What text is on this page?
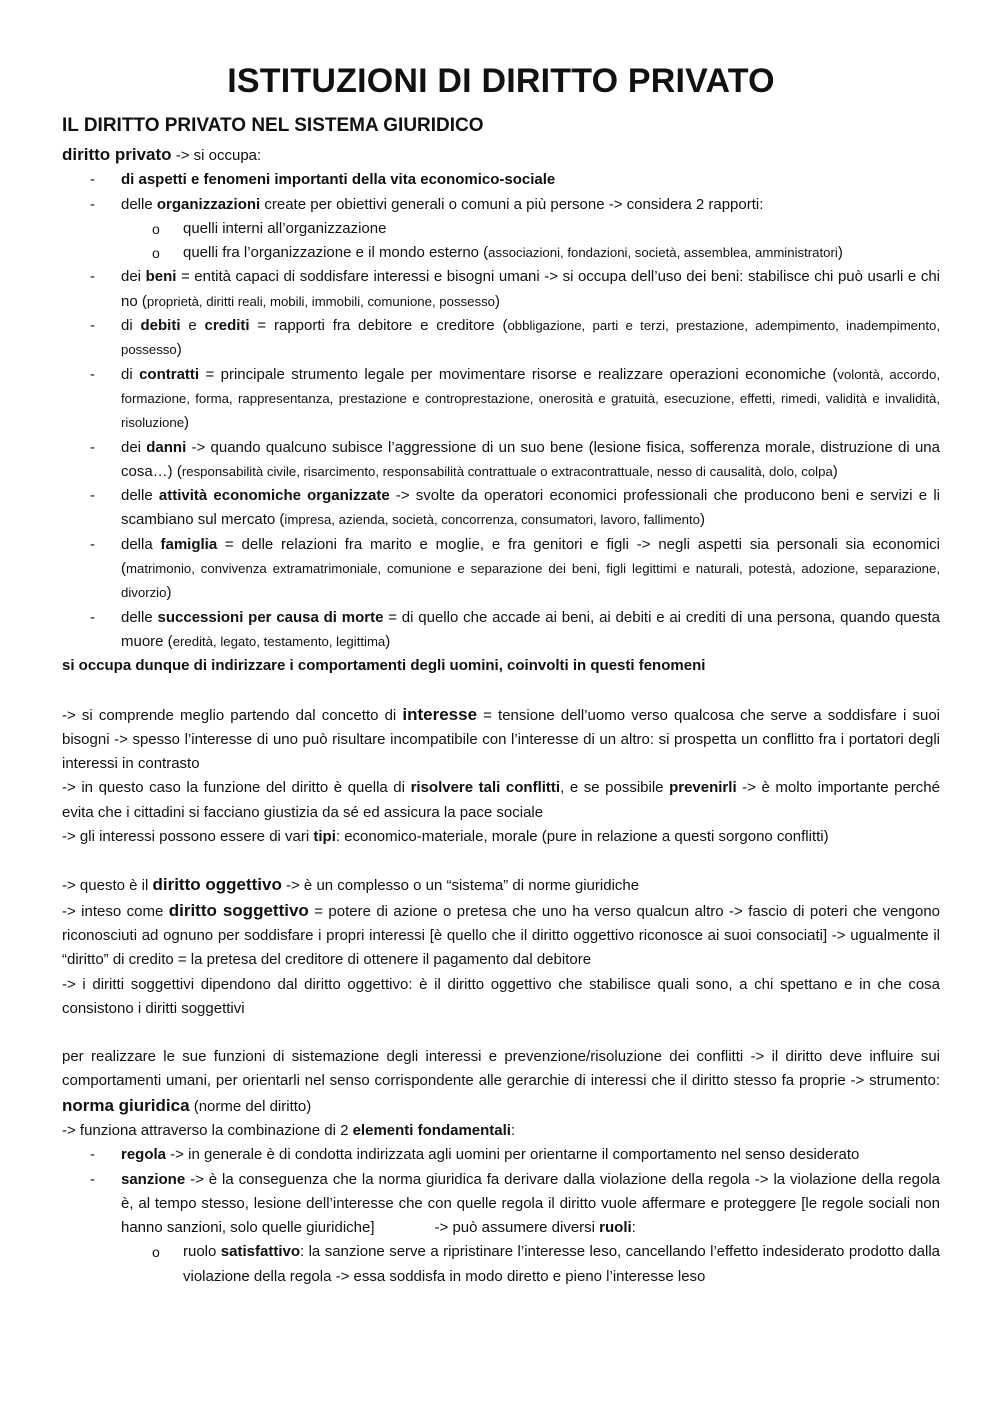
ISTITUZIONI DI DIRITTO PRIVATO
IL DIRITTO PRIVATO NEL SISTEMA GIURIDICO

diritto privato -> si occupa:

- di aspetti e fenomeni importanti della vita economico-sociale
- delle organizzazioni create per obiettivi generali o comuni a più persone -> considera 2 rapporti:
o quelli interni all’organizzazione
o quelli fra l’organizzazione e il mondo esterno (associazioni, fondazioni, società, assemblea, amministratori)
- dei beni = entità capaci di soddisfare interessi e bisogni umani -> si occupa dell’uso dei beni: stabilisce chi può usarli e chi no (proprietà, diritti reali, mobili, immobili, comunione, possesso)
- di debiti e crediti = rapporti fra debitore e creditore (obbligazione, parti e terzi, prestazione, adempimento, inadempimento, possesso)
- di contratti = principale strumento legale per movimentare risorse e realizzare operazioni economiche (volontà, accordo, formazione, forma, rappresentanza, prestazione e controprestazione, onerosità e gratuità, esecuzione, effetti, rimedi, validità e invalidità, risoluzione)
- dei danni -> quando qualcuno subisce l’aggressione di un suo bene (lesione fisica, sofferenza morale, distruzione di una cosa…) (responsabilità civile, risarcimento, responsabilità contrattuale o extracontrattuale, nesso di causalità, dolo, colpa)
- delle attività economiche organizzate -> svolte da operatori economici professionali che producono beni e servizi e li scambiano sul mercato (impresa, azienda, società, concorrenza, consumatori, lavoro, fallimento)
- della famiglia = delle relazioni fra marito e moglie, e fra genitori e figli -> negli aspetti sia personali sia economici (matrimonio, convivenza extramatrimoniale, comunione e separazione dei beni, figli legittimi e naturali, potestà, adozione, separazione, divorzio)
- delle successioni per causa di morte = di quello che accade ai beni, ai debiti e ai crediti di una persona, quando questa muore (eredità, legato, testamento, legittima)

si occupa dunque di indirizzare i comportamenti degli uomini, coinvolti in questi fenomeni

-> si comprende meglio partendo dal concetto di interesse = tensione dell’uomo verso qualcosa che serve a soddisfare i suoi bisogni -> spesso l’interesse di uno può risultare incompatibile con l’interesse di un altro: si prospetta un conflitto fra i portatori degli interessi in contrasto

-> in questo caso la funzione del diritto è quella di risolvere tali conflitti, e se possibile prevenirli -> è molto importante perché evita che i cittadini si facciano giustizia da sé ed assicura la pace sociale

-> gli interessi possono essere di vari tipi: economico-materiale, morale (pure in relazione a questi sorgono conflitti)

-> questo è il diritto oggettivo -> è un complesso o un “sistema” di norme giuridiche

-> inteso come diritto soggettivo = potere di azione o pretesa che uno ha verso qualcun altro -> fascio di poteri che vengono riconosciuti ad ognuno per soddisfare i propri interessi [è quello che il diritto oggettivo riconosce ai suoi consociati] -> ugualmente il “diritto” di credito = la pretesa del creditore di ottenere il pagamento dal debitore

-> i diritti soggettivi dipendono dal diritto oggettivo: è il diritto oggettivo che stabilisce quali sono, a chi spettano e in che cosa consistono i diritti soggettivi

per realizzare le sue funzioni di sistemazione degli interessi e prevenzione/risoluzione dei conflitti -> il diritto deve influire sui comportamenti umani, per orientarli nel senso corrispondente alle gerarchie di interessi che il diritto stesso fa proprie -> strumento: norma giuridica (norme del diritto)

-> funziona attraverso la combinazione di 2 elementi fondamentali:

- regola -> in generale è di condotta indirizzata agli uomini per orientarne il comportamento nel senso desiderato
- sanzione -> è la conseguenza che la norma giuridica fa derivare dalla violazione della regola -> la violazione della regola è, al tempo stesso, lesione dell’interesse che con quelle regola il diritto vuole affermare e proteggere [le regole sociali non hanno sanzioni, solo quelle giuridiche]	-> può assumere diversi ruoli:
o ruolo satisfattivo: la sanzione serve a ripristinare l’interesse leso, cancellando l’effetto indesiderato prodotto dalla violazione della regola -> essa soddisfa in modo diretto e pieno l’interesse leso
